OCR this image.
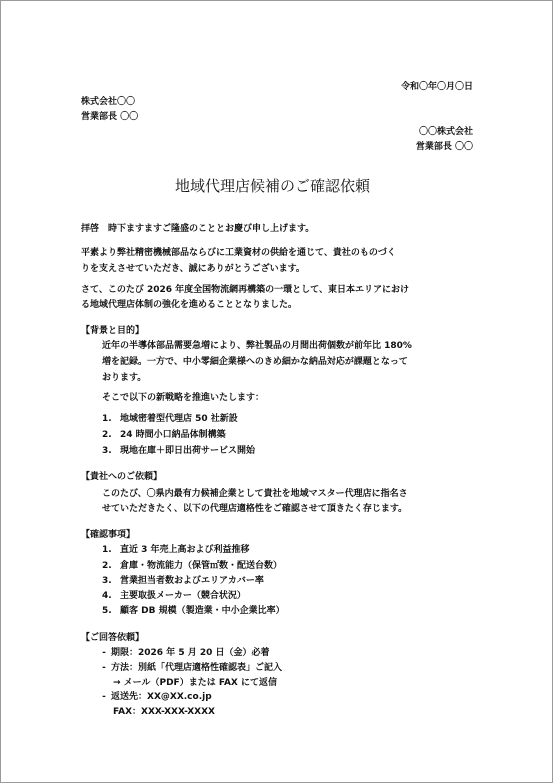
令和〇年〇月〇日
株式会社〇〇
営業部長 〇〇
〇〇株式会社
営業部長 〇〇
地域代理店候補のご確認依頼
拝啓　時下ますますご隆盛のこととお慶び申し上げます。
平素より弊社精密機械部品ならびに工業資材の供給を通じて、貴社のものづく
りを支えさせていただき、誠にありがとうございます。
さて、このたび 2026 年度全国物流網再構築の一環として、東日本エリアにおけ
る地域代理店体制の強化を進めることとなりました。
【背景と目的】
近年の半導体部品需要急増により、弊社製品の月間出荷個数が前年比 180%
増を記録。一方で、中小零細企業様へのきめ細かな納品対応が課題となって
おります。
そこで以下の新戦略を推進いたします：
1. 地域密着型代理店 50 社新設
2. 24 時間小口納品体制構築
3. 現地在庫＋即日出荷サービス開始
【貴社へのご依頼】
このたび、〇県内最有力候補企業として貴社を地域マスター代理店に指名さ
せていただきたく、以下の代理店適格性をご確認させて頂きたく存じます。
【確認事項】
1. 直近 3 年売上高および利益推移
2. 倉庫・物流能力（保管㎡数・配送台数）
3. 営業担当者数およびエリアカバー率
4. 主要取扱メーカー（競合状況）
5. 顧客 DB 規模（製造業・中小企業比率）
【ご回答依頼】
- 期限：2026 年 5 月 20 日（金）必着
- 方法：別紙「代理店適格性確認表」ご記入
→ メール（PDF）または FAX にて返信
- 返送先：XX@XX.co.jp
FAX：XXX-XXX-XXXX
